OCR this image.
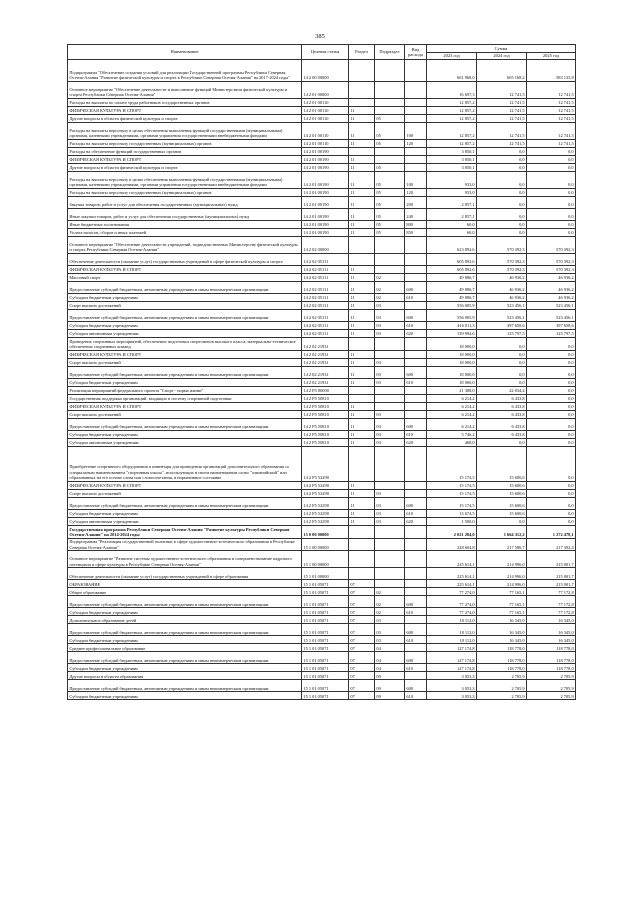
385
Наименование	Целевая статья	Раздел	Подраздел	Вид расхода	Сумма		
					2023 год	2024 год	2025 год
Подпрограмма "Обеспечение создания условий для реализации Государственной программы Республики Северная Осетия-Алания "Развитие физической культуры и спорта в Республике Северная Осетия-Алания" на 2017-2024 годы"	14 2 00 00000				661 968,0	605 168,2	583 133,8
Основное мероприятие "Обеспечение деятельности и выполнение функций Министерством физической культуры и спорта Республики Северная Осетия-Алания"	14 2 01 00000				16 697,3	12 741,5	12 741,5
Расходы на выплаты по оплате труда работников государственных органов	14 2 01 00110				12 857,2	12 741,5	12 741,5
ФИЗИЧЕСКАЯ КУЛЬТУРА И СПОРТ	14 2 01 00110	11			12 857,2	12 741,5	12 741,5
Другие вопросы в области физической культуры и спорта	14 2 01 00110	11	05		12 857,2	12 741,5	12 741,5
Расходы на выплаты персоналу в целях обеспечения выполнения функций государственными (муниципальными) органами, казенными учреждениями, органами управления государственными внебюджетными фондами	14 2 01 00110	11	05	100	12 857,2	12 741,5	12 741,5
Расходы на выплаты персоналу государственных (муниципальных) органов	14 2 01 00110	11	05	120	12 857,2	12 741,5	12 741,5
Расходы на обеспечение функций государственных органов	14 2 01 00190				3 850,1	0,0	0,0
ФИЗИЧЕСКАЯ КУЛЬТУРА И СПОРТ	14 2 01 00190	11			3 850,1	0,0	0,0
Другие вопросы в области физической культуры и спорта	14 2 01 00190	11	05		3 850,1	0,0	0,0
Расходы на выплаты персоналу в целях обеспечения выполнения функций государственными (муниципальными) органами, казенными учреждениями, органами управления государственными внебюджетными фондами	14 2 01 00190	11	05	100	933,0	0,0	0,0
Расходы на выплаты персоналу государственных (муниципальных) органов	14 2 01 00190	11	05	120	933,0	0,0	0,0
Закупка товаров, работ и услуг для обеспечения государственных (муниципальных) нужд	14 2 01 00190	11	05	200	2 857,1	0,0	0,0
Иные закупки товаров, работ и услуг для обеспечения государственных (муниципальных) нужд	14 2 01 00190	11	05	240	2 857,1	0,0	0,0
Иные бюджетные ассигнования	14 2 01 00190	11	05	800	60,0	0,0	0,0
Уплата налогов, сборов и иных платежей	14 2 01 00190	11	05	850	60,0	0,0	0,0
Основное мероприятие "Обеспечение деятельности учреждений, подведомственных Министерству физической культуры и спорта Республики Северная Осетия-Алания"	14 2 02 00000				623 892,6	570 392,3	570 392,3
Обеспечение деятельности (оказание услуг) государственных учреждений в сфере физической культуры и спорта	14 2 02 05111				605 892,6	570 392,3	570 392,3
ФИЗИЧЕСКАЯ КУЛЬТУРА И СПОРТ	14 2 02 05111	11			605 892,6	570 392,3	570 392,3
Массовый спорт	14 2 02 05111	11	02		49 886,7	46 936,2	46 936,2
Предоставление субсидий бюджетным, автономным учреждениям и иным некоммерческим организациям	14 2 02 05111	11	02	600	49 886,7	46 936,2	46 936,2
Субсидии бюджетным учреждениям	14 2 02 05111	11	02	610	49 886,7	46 936,2	46 936,2
Спорт высших достижений	14 2 02 05111	11	03		556 005,9	523 456,1	523 456,1
Предоставление субсидий бюджетным, автономным учреждениям и иным некоммерческим организациям	14 2 02 05111	11	03	600	556 005,9	523 456,1	523 456,1
Субсидии бюджетным учреждениям	14 2 02 05111	11	03	610	416 011,3	397 658,6	397 658,6
Субсидии автономным учреждениям	14 2 02 05111	11	03	620	139 994,6	125 797,5	125 797,5
Проведение спортивных мероприятий, обеспечение подготовки спортсменов высокого класса, материально-техническое обеспечение спортивных команд	14 2 02 21931				18 000,0	0,0	0,0
ФИЗИЧЕСКАЯ КУЛЬТУРА И СПОРТ	14 2 02 21931	11			18 000,0	0,0	0,0
Спорт высших достижений	14 2 02 21931	11	03		18 000,0	0,0	0,0
Предоставление субсидий бюджетным, автономным учреждениям и иным некоммерческим организациям	14 2 02 21931	11	03	600	18 000,0	0,0	0,0
Субсидии бюджетным учреждениям	14 2 02 21931	11	03	610	18 000,0	0,0	0,0
Реализация мероприятий федерального проекта "Спорт - норма жизни"	14 2 P5 00000				21 388,0	22 034,4	0,0
Государственная поддержка организаций, входящих в систему спортивной подготовки	14 2 P5 50810				6 214,2	6 433,8	0,0
ФИЗИЧЕСКАЯ КУЛЬТУРА И СПОРТ	14 2 P5 50810	11			6 214,2	6 433,8	0,0
Спорт высших достижений	14 2 P5 50810	11	03		6 214,2	6 433,8	0,0
Предоставление субсидий бюджетным, автономным учреждениям и иным некоммерческим организациям	14 2 P5 50810	11	03	600	6 214,2	6 433,8	0,0
Субсидии бюджетным учреждениям	14 2 P5 50810	11	03	610	5 746,2	6 433,8	0,0
Субсидии автономным учреждениям	14 2 P5 50810	11	03	620	468,0	0,0	0,0
Приобретение спортивного оборудования и инвентаря для приведения организаций дополнительного образования со специальным наименованием "спортивная школа", использующих в своем наименовании слово "олимпийский" или образованных на его основе слова или словосочетания, в нормативное состояние	14 2 P5 52290				15 174,5	15 600,6	0,0
ФИЗИЧЕСКАЯ КУЛЬТУРА И СПОРТ	14 2 P5 52290	11			15 174,5	15 600,6	0,0
Спорт высших достижений	14 2 P5 52290	11	03		15 174,5	15 600,6	0,0
Предоставление субсидий бюджетным, автономным учреждениям и иным некоммерческим организациям	14 2 P5 52290	11	03	600	15 174,5	15 600,6	0,0
Субсидии бюджетным учреждениям	14 2 P5 52290	11	03	610	13 674,5	15 600,6	0,0
Субсидии автономным учреждениям	14 2 P5 52290	11	03	620	1 500,0	0,0	0,0
Государственная программа Республики Северная Осетия-Алания "Развитие культуры Республики Северная Осетия-Алания" на 2014-2024 годы	15 0 00 00000				2 021 284,0	1 664 312,2	1 272 478,1
Подпрограмма "Реализация государственной политики в сфере художественно-эстетического образования в Республике Северная Осетия-Алания"	15 1 00 00000				228 604,8	217 586,7	217 392,4
Основное мероприятие "Развитие системы художественно-эстетического образования и совершенствование кадрового потенциала в сфере культуры в Республике Северная Осетия-Алания"	15 1 00 00000				225 614,1	214 996,0	215 001,7
Обеспечение деятельности (оказание услуг) государственных учреждений в сфере образования	15 1 01 00000				225 614,1	214 996,0	215 001,7
ОБРАЗОВАНИЕ	15 1 01 05071	07			225 614,1	214 996,0	215 001,7
Общее образование	15 1 01 05071	07	02		77 274,0	77 165,1	77 172,8
Предоставление субсидий бюджетным, автономным учреждениям и иным некоммерческим организациям	15 1 01 05071	07	02	600	77 274,0	77 165,1	77 172,8
Субсидии бюджетным учреждениям	15 1 01 05071	07	02	610	77 274,0	77 165,1	77 172,8
Дополнительное образование детей	15 1 01 05071	07	03		18 112,0	16 345,0	16 345,0
Предоставление субсидий бюджетным, автономным учреждениям и иным некоммерческим организациям	15 1 01 05071	07	03	600	18 112,0	16 345,0	16 345,0
Субсидии бюджетным учреждениям	15 1 01 05071	07	03	610	18 112,0	16 345,0	16 345,0
Среднее профессиональное образование	15 1 01 05071	07	04		127 174,8	118 778,0	118 778,0
Предоставление субсидий бюджетным, автономным учреждениям и иным некоммерческим организациям	15 1 01 05071	07	04	600	127 174,8	118 778,0	118 778,0
Субсидии бюджетным учреждениям	15 1 01 05071	07	04	610	127 174,8	118 778,0	118 778,0
Другие вопросы в области образования	15 1 01 05071	07	09		3 053,3	2 705,9	2 705,9
Предоставление субсидий бюджетным, автономным учреждениям и иным некоммерческим организациям	15 1 01 05071	07	09	600	3 053,3	2 705,9	2 705,9
Субсидии бюджетным учреждениям	15 1 01 05071	07	09	610	3 053,3	2 705,9	2 705,9
